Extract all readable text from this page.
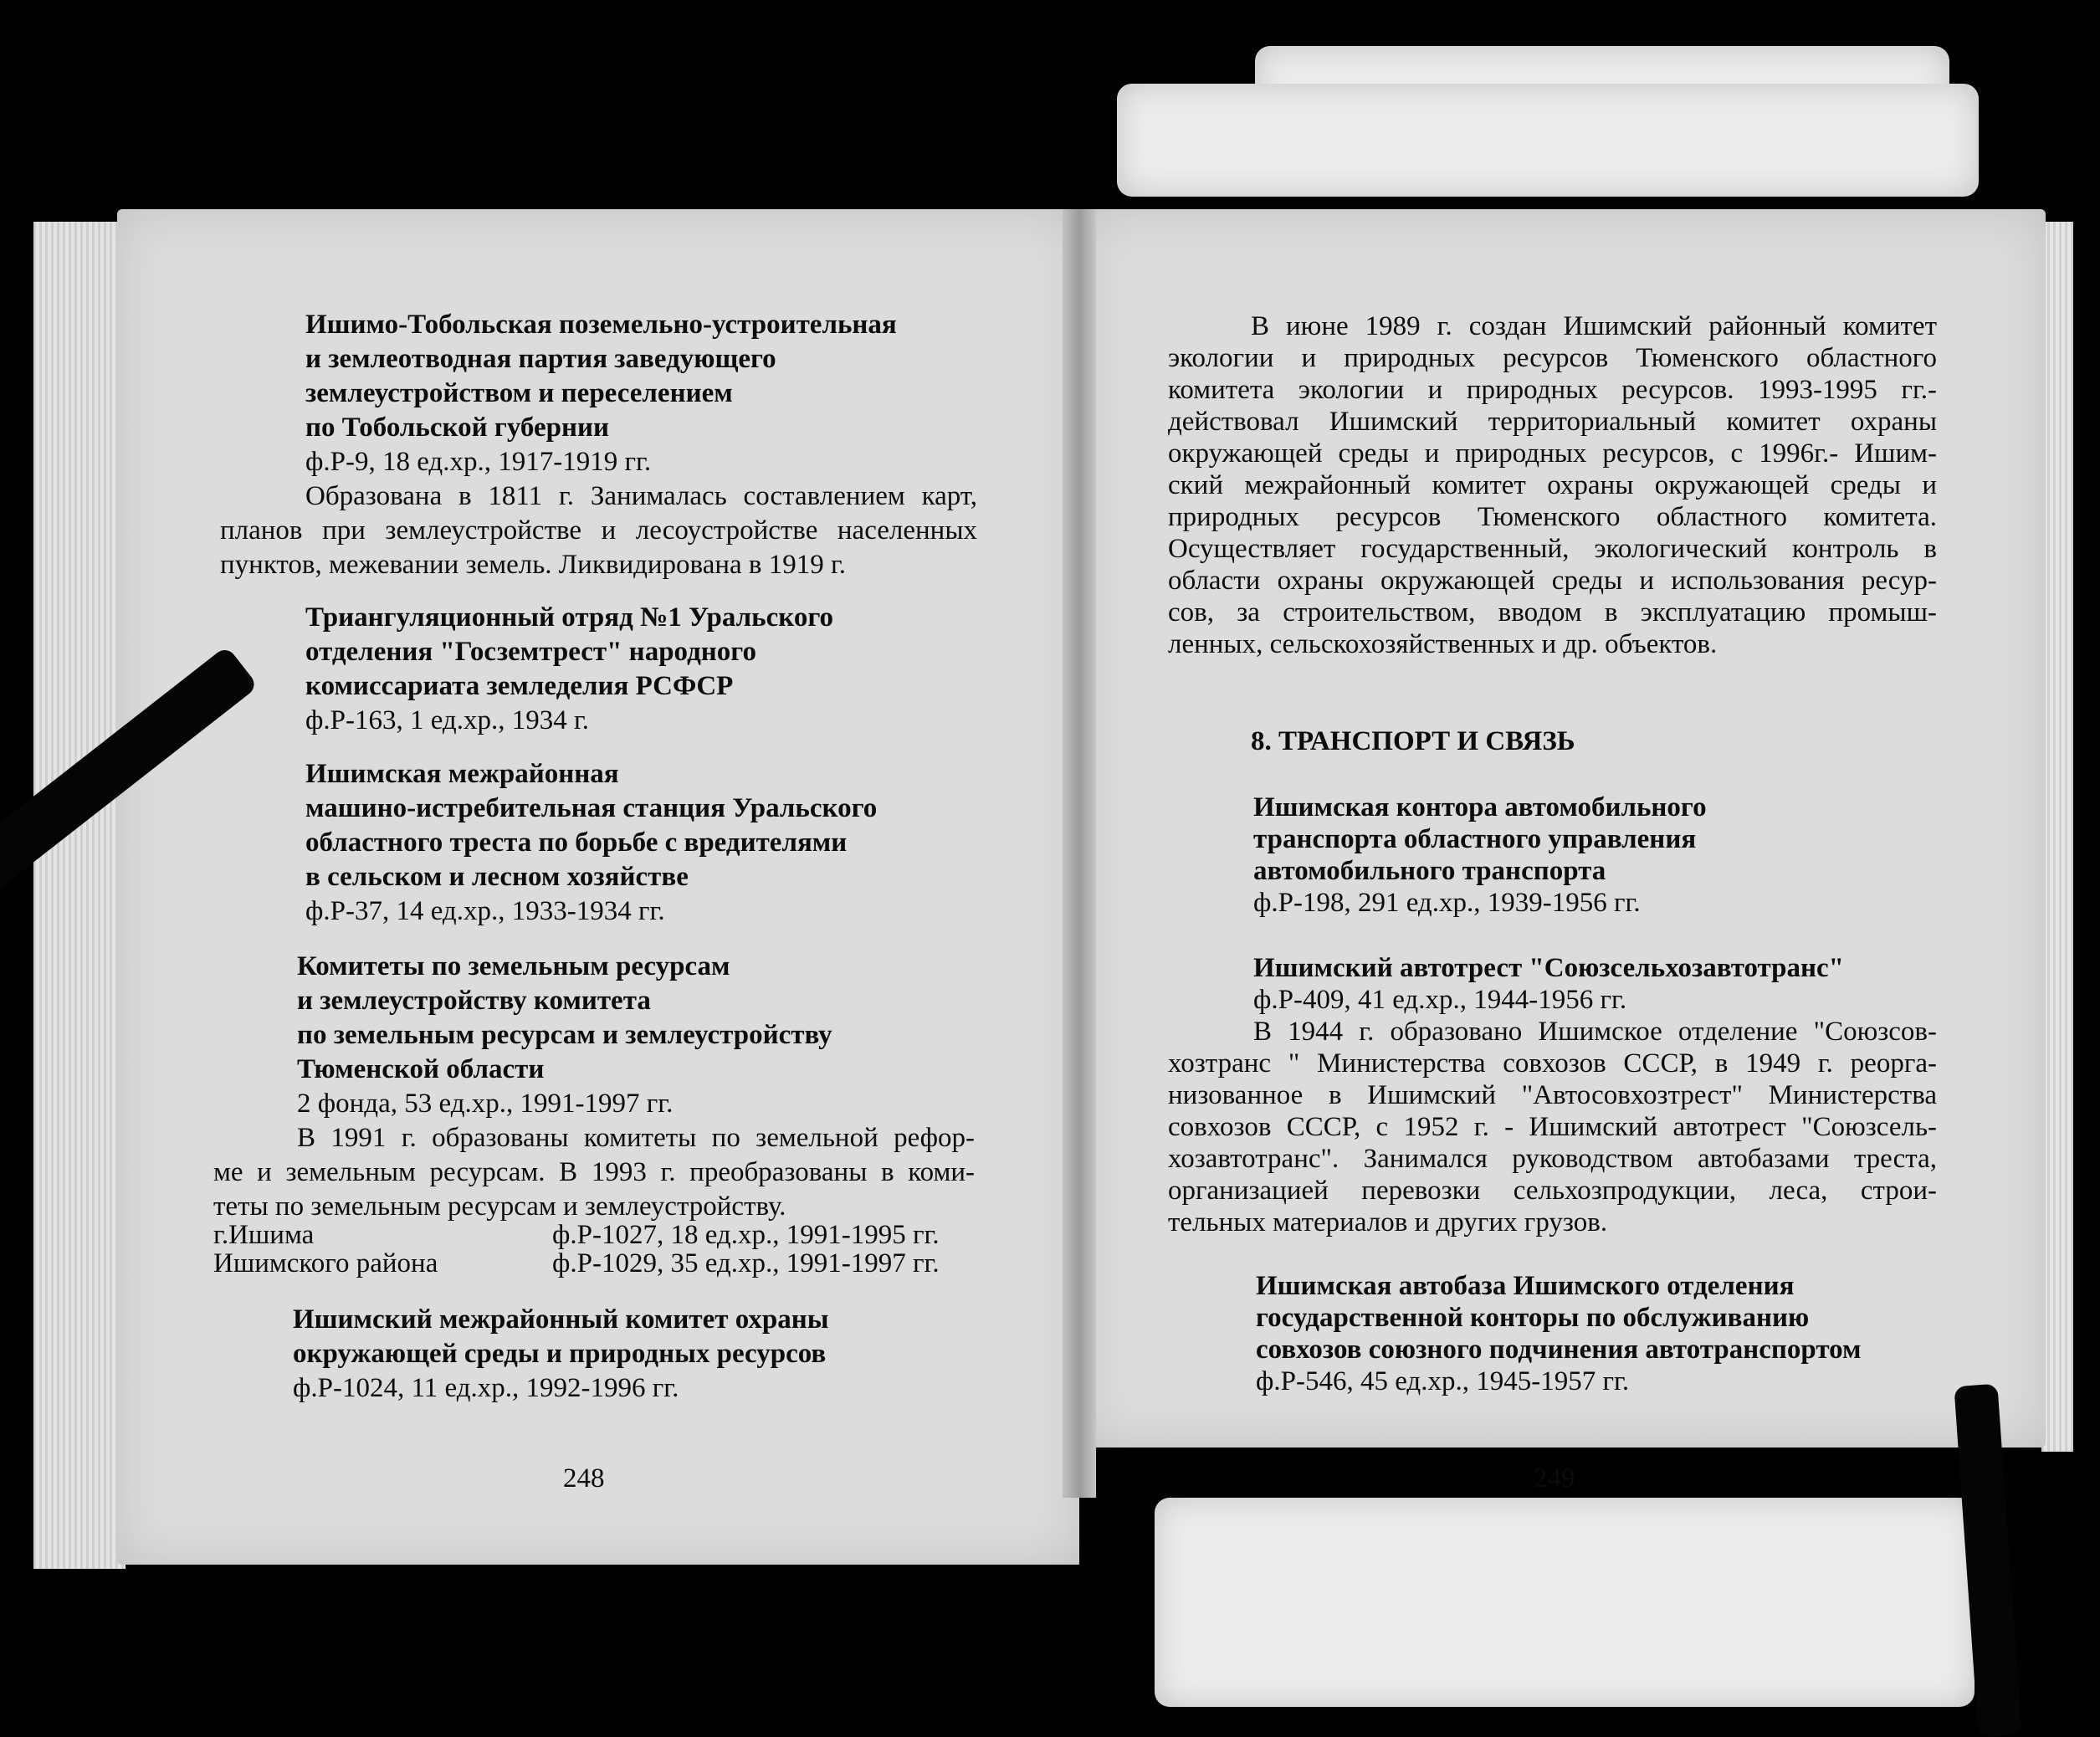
Ишимо-Тобольская поземельно-устроительная
и землеотводная партия заведующего
землеустройством и переселением
по Тобольской губернии
ф.Р-9, 18 ед.хр., 1917-1919 гг.
Образована в 1811 г. Занималась составлением карт,
планов при землеустройстве и лесоустройстве населенных
пунктов, межевании земель. Ликвидирована в 1919 г.
Триангуляционный отряд №1 Уральского
отделения "Госземтрест" народного
комиссариата земледелия РСФСР
ф.Р-163, 1 ед.хр., 1934 г.
Ишимская межрайонная
машино-истребительная станция Уральского
областного треста по борьбе с вредителями
в сельском и лесном хозяйстве
ф.Р-37, 14 ед.хр., 1933-1934 гг.
Комитеты по земельным ресурсам
и землеустройству комитета
по земельным ресурсам и землеустройству
Тюменской области
2 фонда, 53 ед.хр., 1991-1997 гг.
В 1991 г. образованы комитеты по земельной рефор-
ме и земельным ресурсам. В 1993 г. преобразованы в коми-
теты по земельным ресурсам и землеустройству.
г.Ишима	ф.Р-1027, 18 ед.хр., 1991-1995 гг.
Ишимского района	ф.Р-1029, 35 ед.хр., 1991-1997 гг.
Ишимский межрайонный комитет охраны
окружающей среды и природных ресурсов
ф.Р-1024, 11 ед.хр., 1992-1996 гг.
248
В июне 1989 г. создан Ишимский районный комитет
экологии и природных ресурсов Тюменского областного
комитета экологии и природных ресурсов. 1993-1995 гг.-
действовал Ишимский территориальный комитет охраны
окружающей среды и природных ресурсов, с 1996г.- Ишим-
ский межрайонный комитет охраны окружающей среды и
природных ресурсов Тюменского областного комитета.
Осуществляет государственный, экологический контроль в
области охраны окружающей среды и использования ресур-
сов, за строительством, вводом в эксплуатацию промыш-
ленных, сельскохозяйственных и др. объектов.
8. ТРАНСПОРТ И СВЯЗЬ
Ишимская контора автомобильного
транспорта областного управления
автомобильного транспорта
ф.Р-198, 291 ед.хр., 1939-1956 гг.
Ишимский автотрест "Союзсельхозавтотранс"
ф.Р-409, 41 ед.хр., 1944-1956 гг.
В 1944 г. образовано Ишимское отделение "Союзсов-
хозтранс " Министерства совхозов СССР, в 1949 г. реорга-
низованное в Ишимский "Автосовхозтрест" Министерства
совхозов СССР, с 1952 г. - Ишимский автотрест "Союзсель-
хозавтотранс". Занимался руководством автобазами треста,
организацией перевозки сельхозпродукции, леса, строи-
тельных материалов и других грузов.
Ишимская автобаза Ишимского отделения
государственной конторы по обслуживанию
совхозов союзного подчинения автотранспортом
ф.Р-546, 45 ед.хр., 1945-1957 гг.
249
